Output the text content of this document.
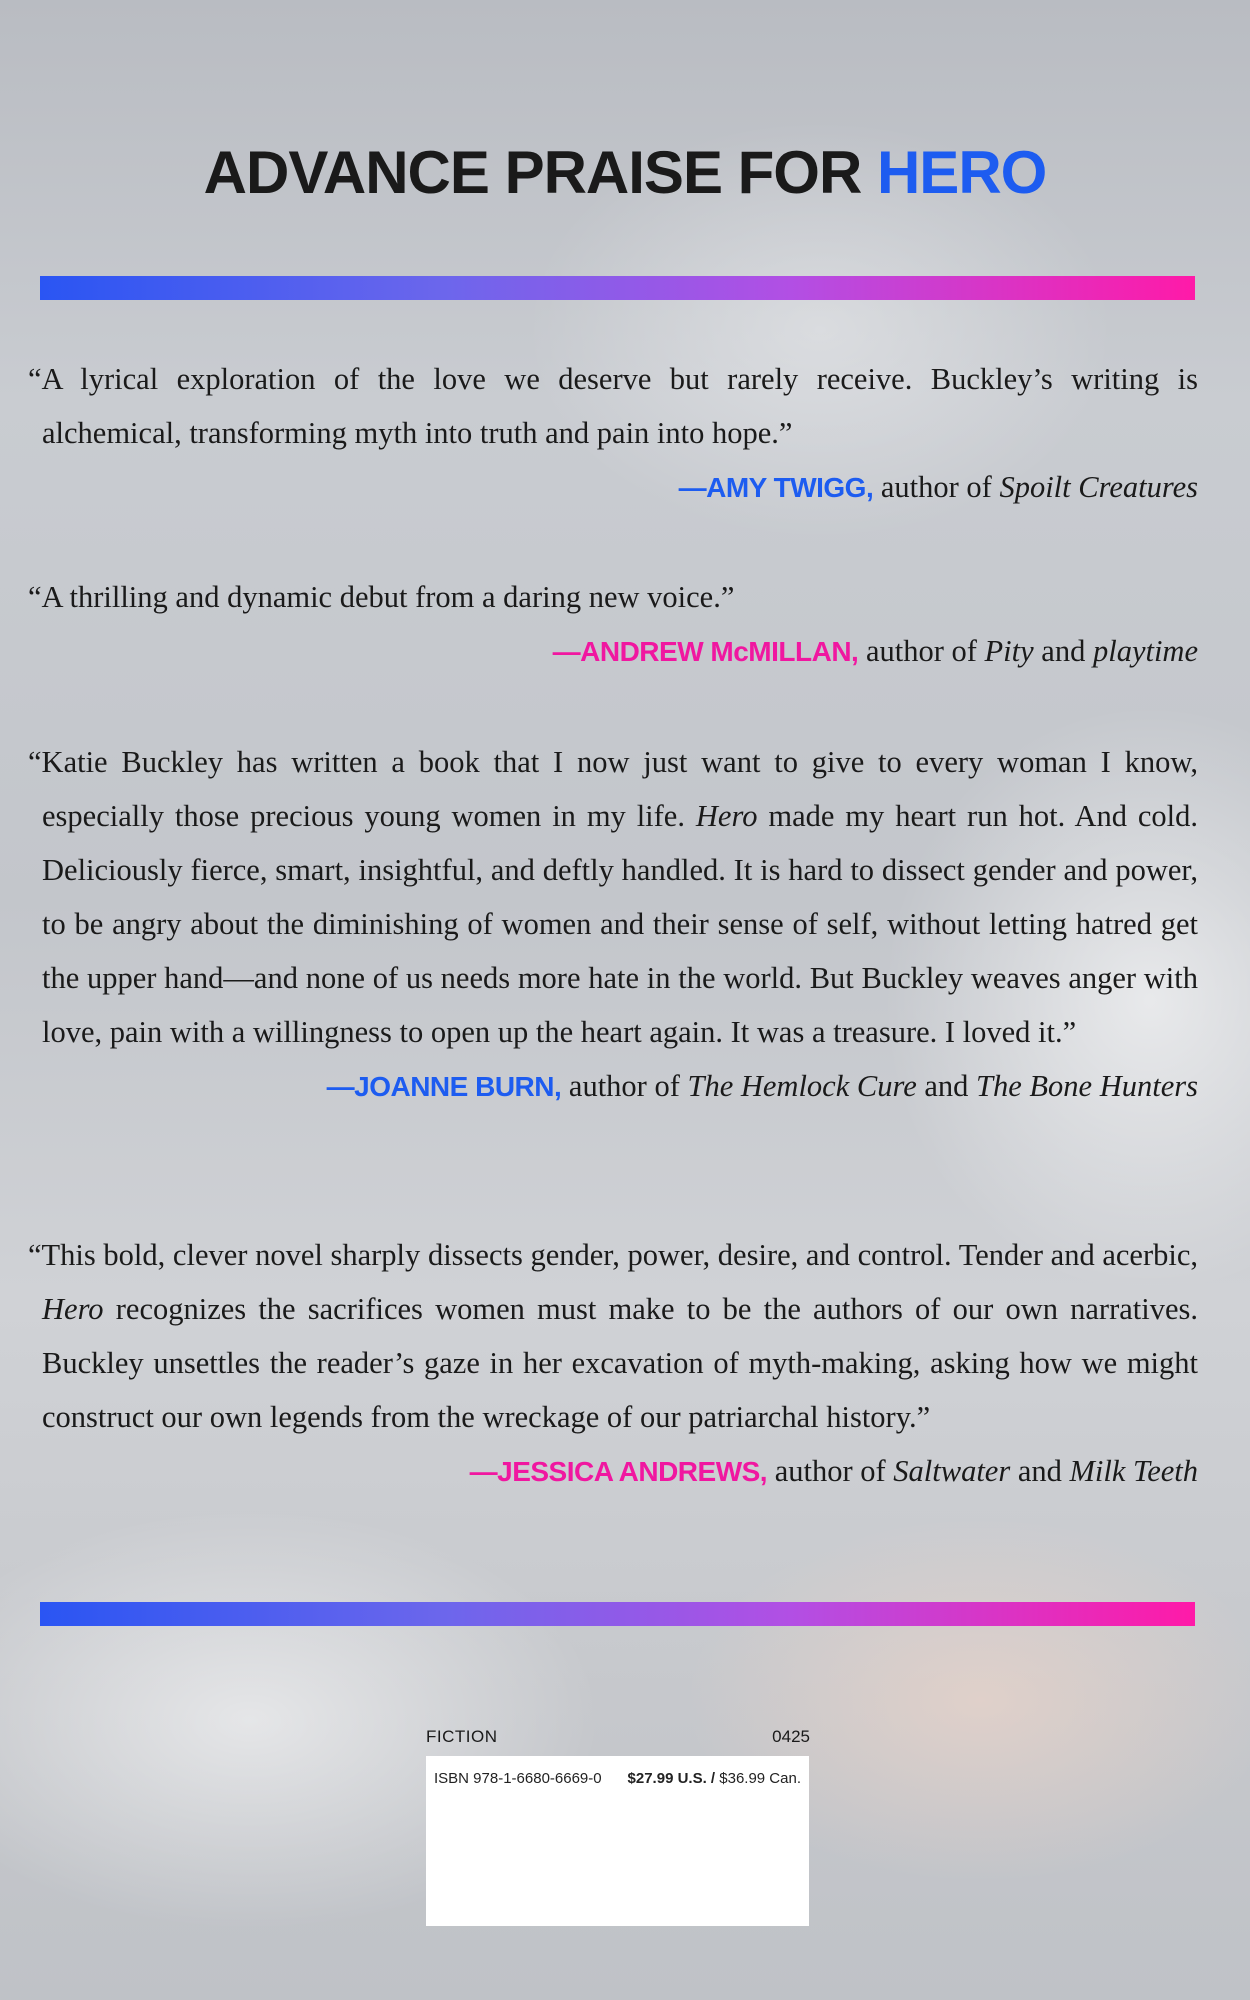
ADVANCE PRAISE FOR HERO

“A lyrical exploration of the love we deserve but rarely receive. Buckley’s writing is alchemical, transforming myth into truth and pain into hope.”

—AMY TWIGG, author of Spoilt Creatures

“A thrilling and dynamic debut from a daring new voice.”

—ANDREW McMILLAN, author of Pity and playtime

“Katie Buckley has written a book that I now just want to give to every woman I know, especially those precious young women in my life. Hero made my heart run hot. And cold. Deliciously fierce, smart, insightful, and deftly handled. It is hard to dissect gender and power, to be angry about the diminishing of women and their sense of self, without letting hatred get the upper hand—and none of us needs more hate in the world. But Buckley weaves anger with love, pain with a willingness to open up the heart again. It was a treasure. I loved it.”

—JOANNE BURN, author of The Hemlock Cure and The Bone Hunters

“This bold, clever novel sharply dissects gender, power, desire, and control. Tender and acerbic, Hero recognizes the sacrifices women must make to be the authors of our own narratives. Buckley unsettles the reader’s gaze in her excavation of myth-making, asking how we might construct our own legends from the wreckage of our patriarchal history.”

—JESSICA ANDREWS, author of Saltwater and Milk Teeth
FICTION	0425
ISBN 978-1-6680-6669-0 $27.99 U.S. / $36.99 Can.
